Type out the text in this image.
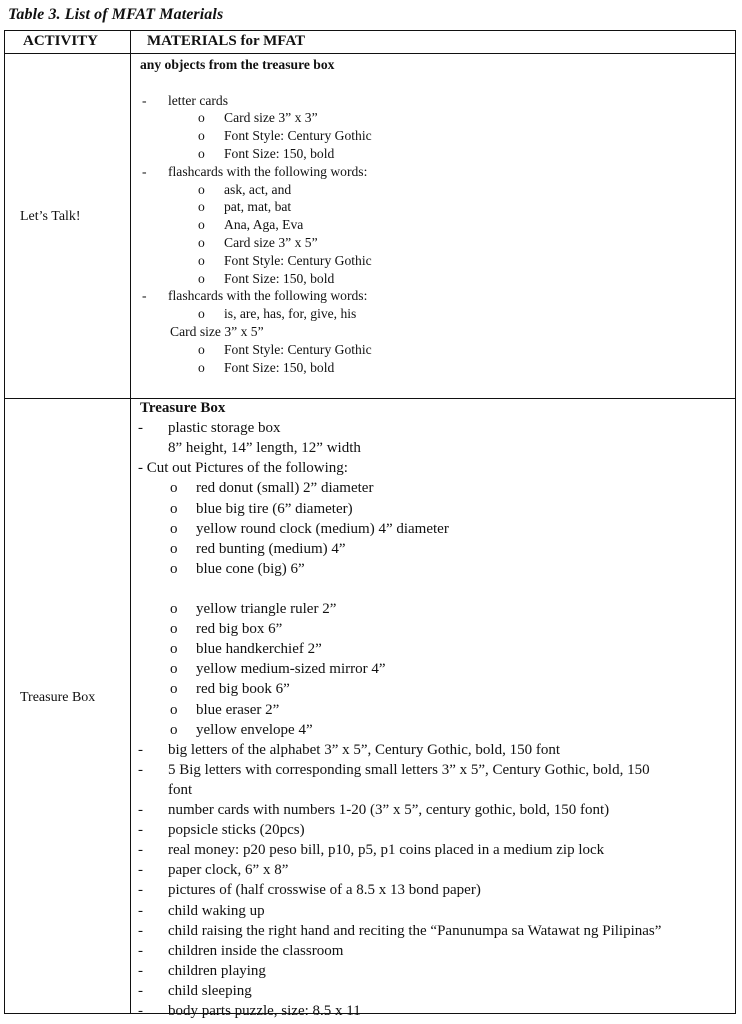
Table 3. List of MFAT Materials
ACTIVITY	MATERIALS for MFAT
Let’s Talk!
any objects from the treasure box
- letter cards
o Card size 3” x 3”
o Font Style: Century Gothic
o Font Size: 150, bold
- flashcards with the following words:
o ask, act, and
o pat, mat, bat
o Ana, Aga, Eva
o Card size 3” x 5”
o Font Style: Century Gothic
o Font Size: 150, bold
- flashcards with the following words:
o is, are, has, for, give, his
Card size 3” x 5”
o Font Style: Century Gothic
o Font Size: 150, bold
Treasure Box
Treasure Box
- plastic storage box
8” height, 14” length, 12” width
- Cut out Pictures of the following:
o red donut (small) 2” diameter
o blue big tire (6” diameter)
o yellow round clock (medium) 4” diameter
o red bunting (medium) 4”
o blue cone (big) 6”
o yellow triangle ruler 2”
o red big box 6”
o blue handkerchief 2”
o yellow medium-sized mirror 4”
o red big book 6”
o blue eraser 2”
o yellow envelope 4”
- big letters of the alphabet 3” x 5”, Century Gothic, bold, 150 font
- 5 Big letters with corresponding small letters 3” x 5”, Century Gothic, bold, 150
font
- number cards with numbers 1-20 (3” x 5”, century gothic, bold, 150 font)
- popsicle sticks (20pcs)
- real money: p20 peso bill, p10, p5, p1 coins placed in a medium zip lock
- paper clock, 6” x 8”
- pictures of (half crosswise of a 8.5 x 13 bond paper)
- child waking up
- child raising the right hand and reciting the “Panunumpa sa Watawat ng Pilipinas”
- children inside the classroom
- children playing
- child sleeping
- body parts puzzle, size: 8.5 x 11
